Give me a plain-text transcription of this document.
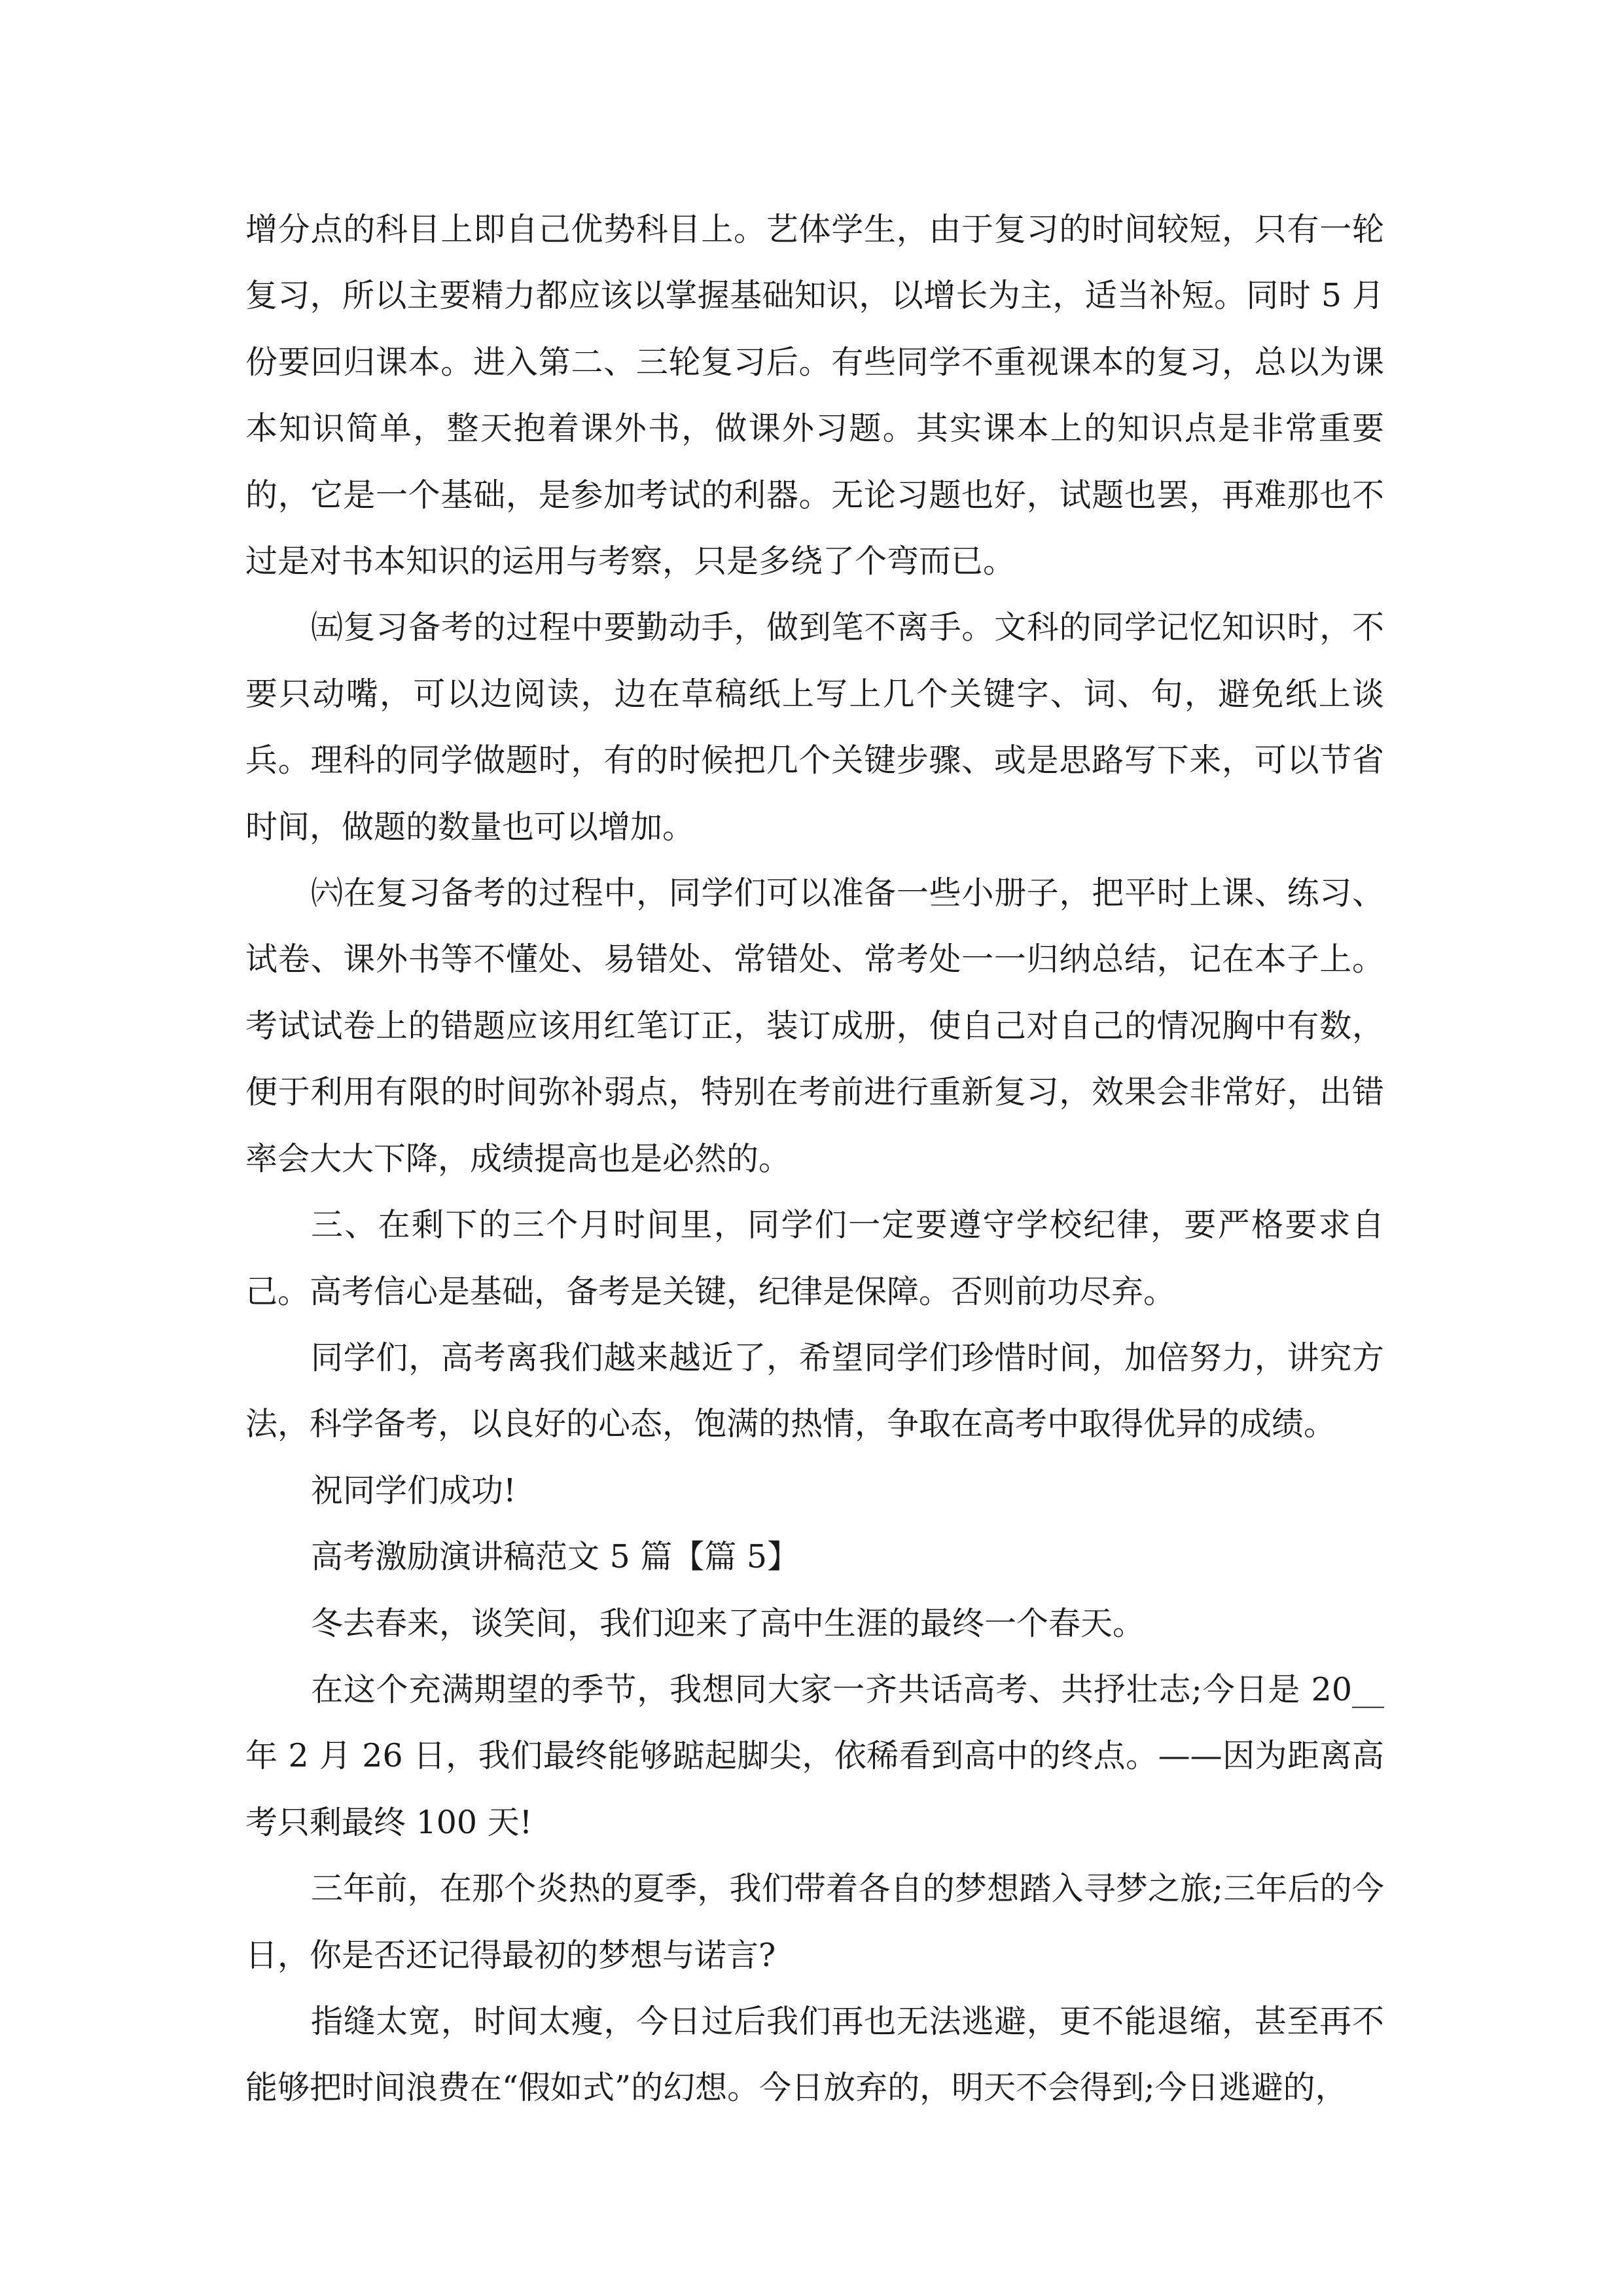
增分点的科目上即自己优势科目上。艺体学生，由于复习的时间较短，只有一轮复习，所以主要精力都应该以掌握基础知识，以增长为主，适当补短。同时 5 月份要回归课本。进入第二、三轮复习后。有些同学不重视课本的复习，总以为课本知识简单，整天抱着课外书，做课外习题。其实课本上的知识点是非常重要的，它是一个基础，是参加考试的利器。无论习题也好，试题也罢，再难那也不过是对书本知识的运用与考察，只是多绕了个弯而已。

㈤复习备考的过程中要勤动手，做到笔不离手。文科的同学记忆知识时，不要只动嘴，可以边阅读，边在草稿纸上写上几个关键字、词、句，避免纸上谈兵。理科的同学做题时，有的时候把几个关键步骤、或是思路写下来，可以节省时间，做题的数量也可以增加。

㈥在复习备考的过程中，同学们可以准备一些小册子，把平时上课、练习、试卷、课外书等不懂处、易错处、常错处、常考处一一归纳总结，记在本子上。考试试卷上的错题应该用红笔订正，装订成册，使自己对自己的情况胸中有数，便于利用有限的时间弥补弱点，特别在考前进行重新复习，效果会非常好，出错率会大大下降，成绩提高也是必然的。

三、在剩下的三个月时间里，同学们一定要遵守学校纪律，要严格要求自己。高考信心是基础，备考是关键，纪律是保障。否则前功尽弃。

同学们，高考离我们越来越近了，希望同学们珍惜时间，加倍努力，讲究方法，科学备考，以良好的心态，饱满的热情，争取在高考中取得优异的成绩。

祝同学们成功!

高考激励演讲稿范文 5 篇【篇 5】

冬去春来，谈笑间，我们迎来了高中生涯的最终一个春天。

在这个充满期望的季节，我想同大家一齐共话高考、共抒壮志;今日是 20__年 2 月 26 日，我们最终能够踮起脚尖，依稀看到高中的终点。——因为距离高考只剩最终 100 天!

三年前，在那个炎热的夏季，我们带着各自的梦想踏入寻梦之旅;三年后的今日，你是否还记得最初的梦想与诺言?

指缝太宽，时间太瘦，今日过后我们再也无法逃避，更不能退缩，甚至再不能够把时间浪费在“假如式”的幻想。今日放弃的，明天不会得到;今日逃避的，
